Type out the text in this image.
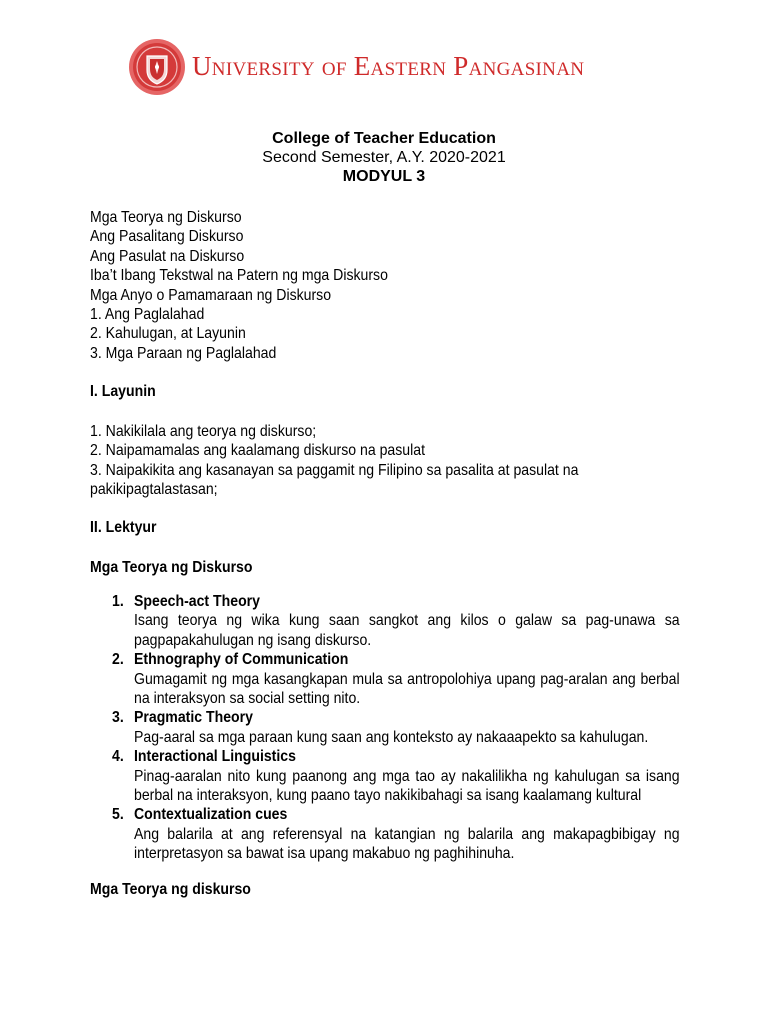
University of Eastern Pangasinan
College of Teacher Education
Second Semester, A.Y. 2020-2021
MODYUL 3
Mga Teorya ng Diskurso
Ang Pasalitang Diskurso
Ang Pasulat na Diskurso
Iba’t Ibang Tekstwal na Patern ng mga Diskurso
Mga Anyo o Pamamaraan ng Diskurso
1. Ang Paglalahad
2. Kahulugan, at Layunin
3. Mga Paraan ng Paglalahad
I. Layunin
1. Nakikilala ang teorya ng diskurso;
2. Naipamamalas ang kaalamang diskurso na pasulat
3. Naipakikita ang kasanayan sa paggamit ng Filipino sa pasalita at pasulat na pakikipagtalastasan;
II. Lektyur
Mga Teorya ng Diskurso
1. Speech-act Theory
Isang teorya ng wika kung saan sangkot ang kilos o galaw sa pag-unawa sa pagpapakahulugan ng isang diskurso.
2. Ethnography of Communication
Gumagamit ng mga kasangkapan mula sa antropolohiya upang pag-aralan ang berbal na interaksyon sa social setting nito.
3. Pragmatic Theory
Pag-aaral sa mga paraan kung saan ang konteksto ay nakaaapekto sa kahulugan.
4. Interactional Linguistics
Pinag-aaralan nito kung paanong ang mga tao ay nakalilikha ng kahulugan sa isang berbal na interaksyon, kung paano tayo nakikibahagi sa isang kaalamang kultural
5. Contextualization cues
Ang balarila at ang referensyal na katangian ng balarila ang makapagbibigay ng interpretasyon sa bawat isa upang makabuo ng paghihinuha.
Mga Teorya ng diskurso
